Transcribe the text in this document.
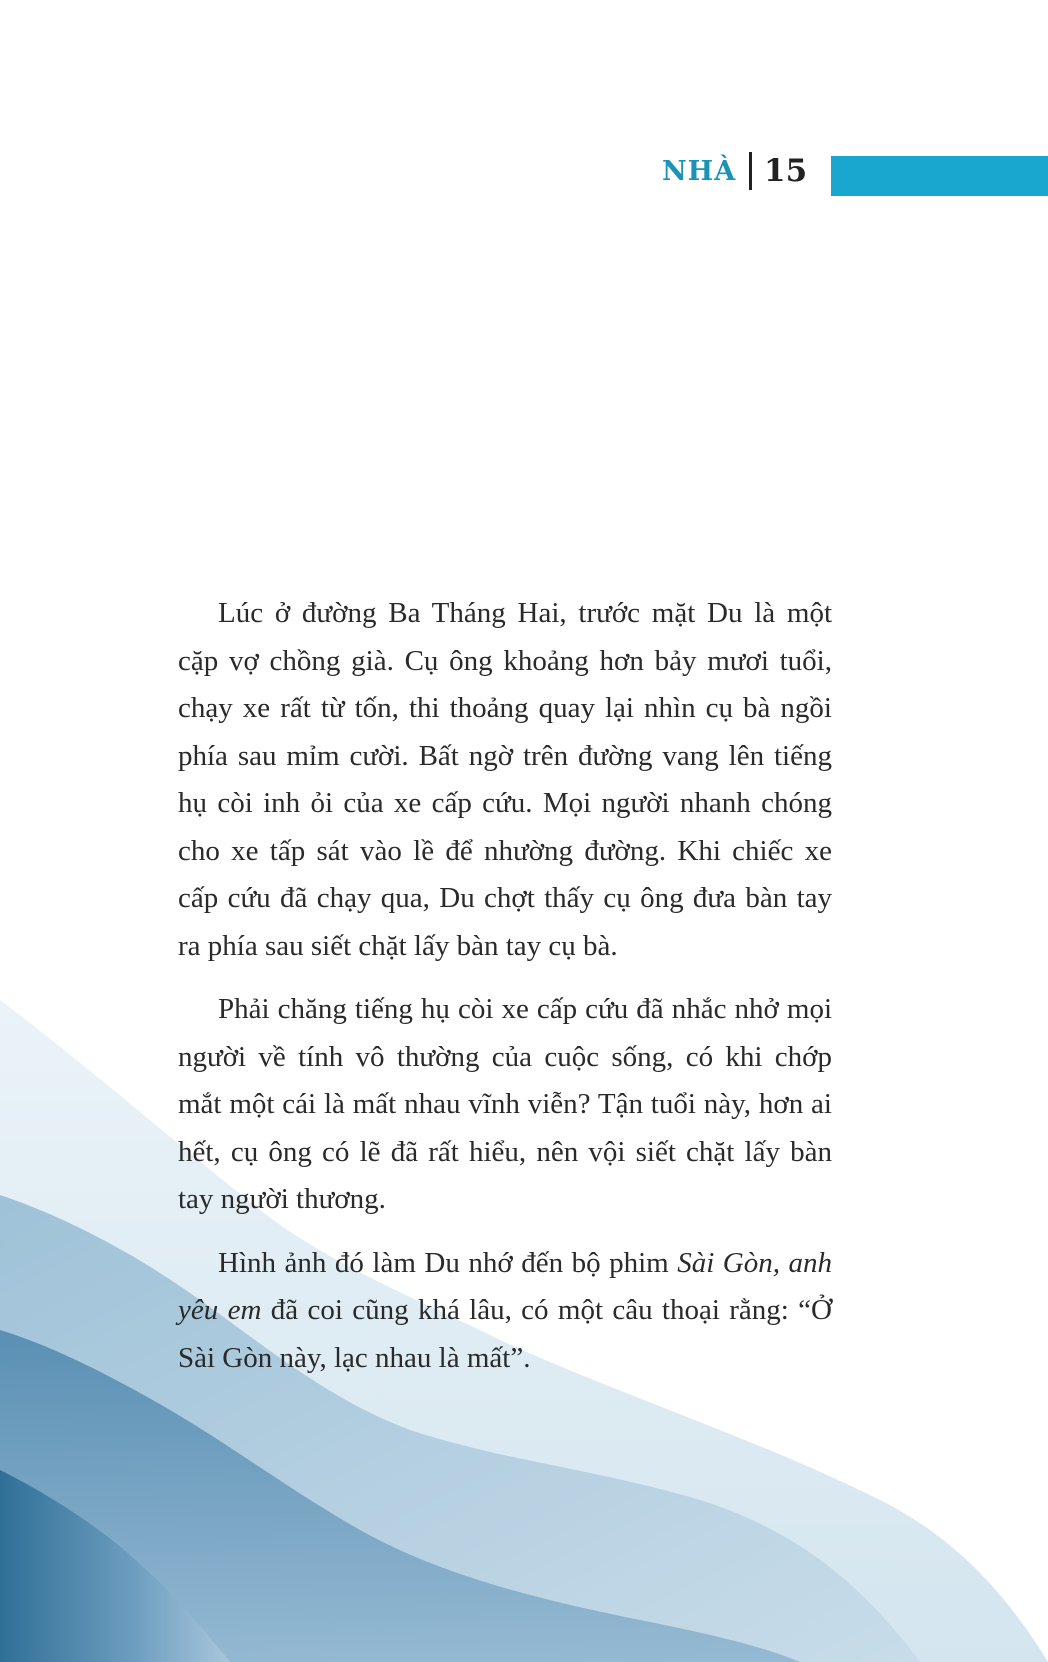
NHÀ 15

Lúc ở đường Ba Tháng Hai, trước mặt Du là một cặp vợ chồng già. Cụ ông khoảng hơn bảy mươi tuổi, chạy xe rất từ tốn, thi thoảng quay lại nhìn cụ bà ngồi phía sau mỉm cười. Bất ngờ trên đường vang lên tiếng hụ còi inh ỏi của xe cấp cứu. Mọi người nhanh chóng cho xe tấp sát vào lề để nhường đường. Khi chiếc xe cấp cứu đã chạy qua, Du chợt thấy cụ ông đưa bàn tay ra phía sau siết chặt lấy bàn tay cụ bà.

Phải chăng tiếng hụ còi xe cấp cứu đã nhắc nhở mọi người về tính vô thường của cuộc sống, có khi chớp mắt một cái là mất nhau vĩnh viễn? Tận tuổi này, hơn ai hết, cụ ông có lẽ đã rất hiểu, nên vội siết chặt lấy bàn tay người thương.

Hình ảnh đó làm Du nhớ đến bộ phim Sài Gòn, anh yêu em đã coi cũng khá lâu, có một câu thoại rằng: “Ở Sài Gòn này, lạc nhau là mất”.
